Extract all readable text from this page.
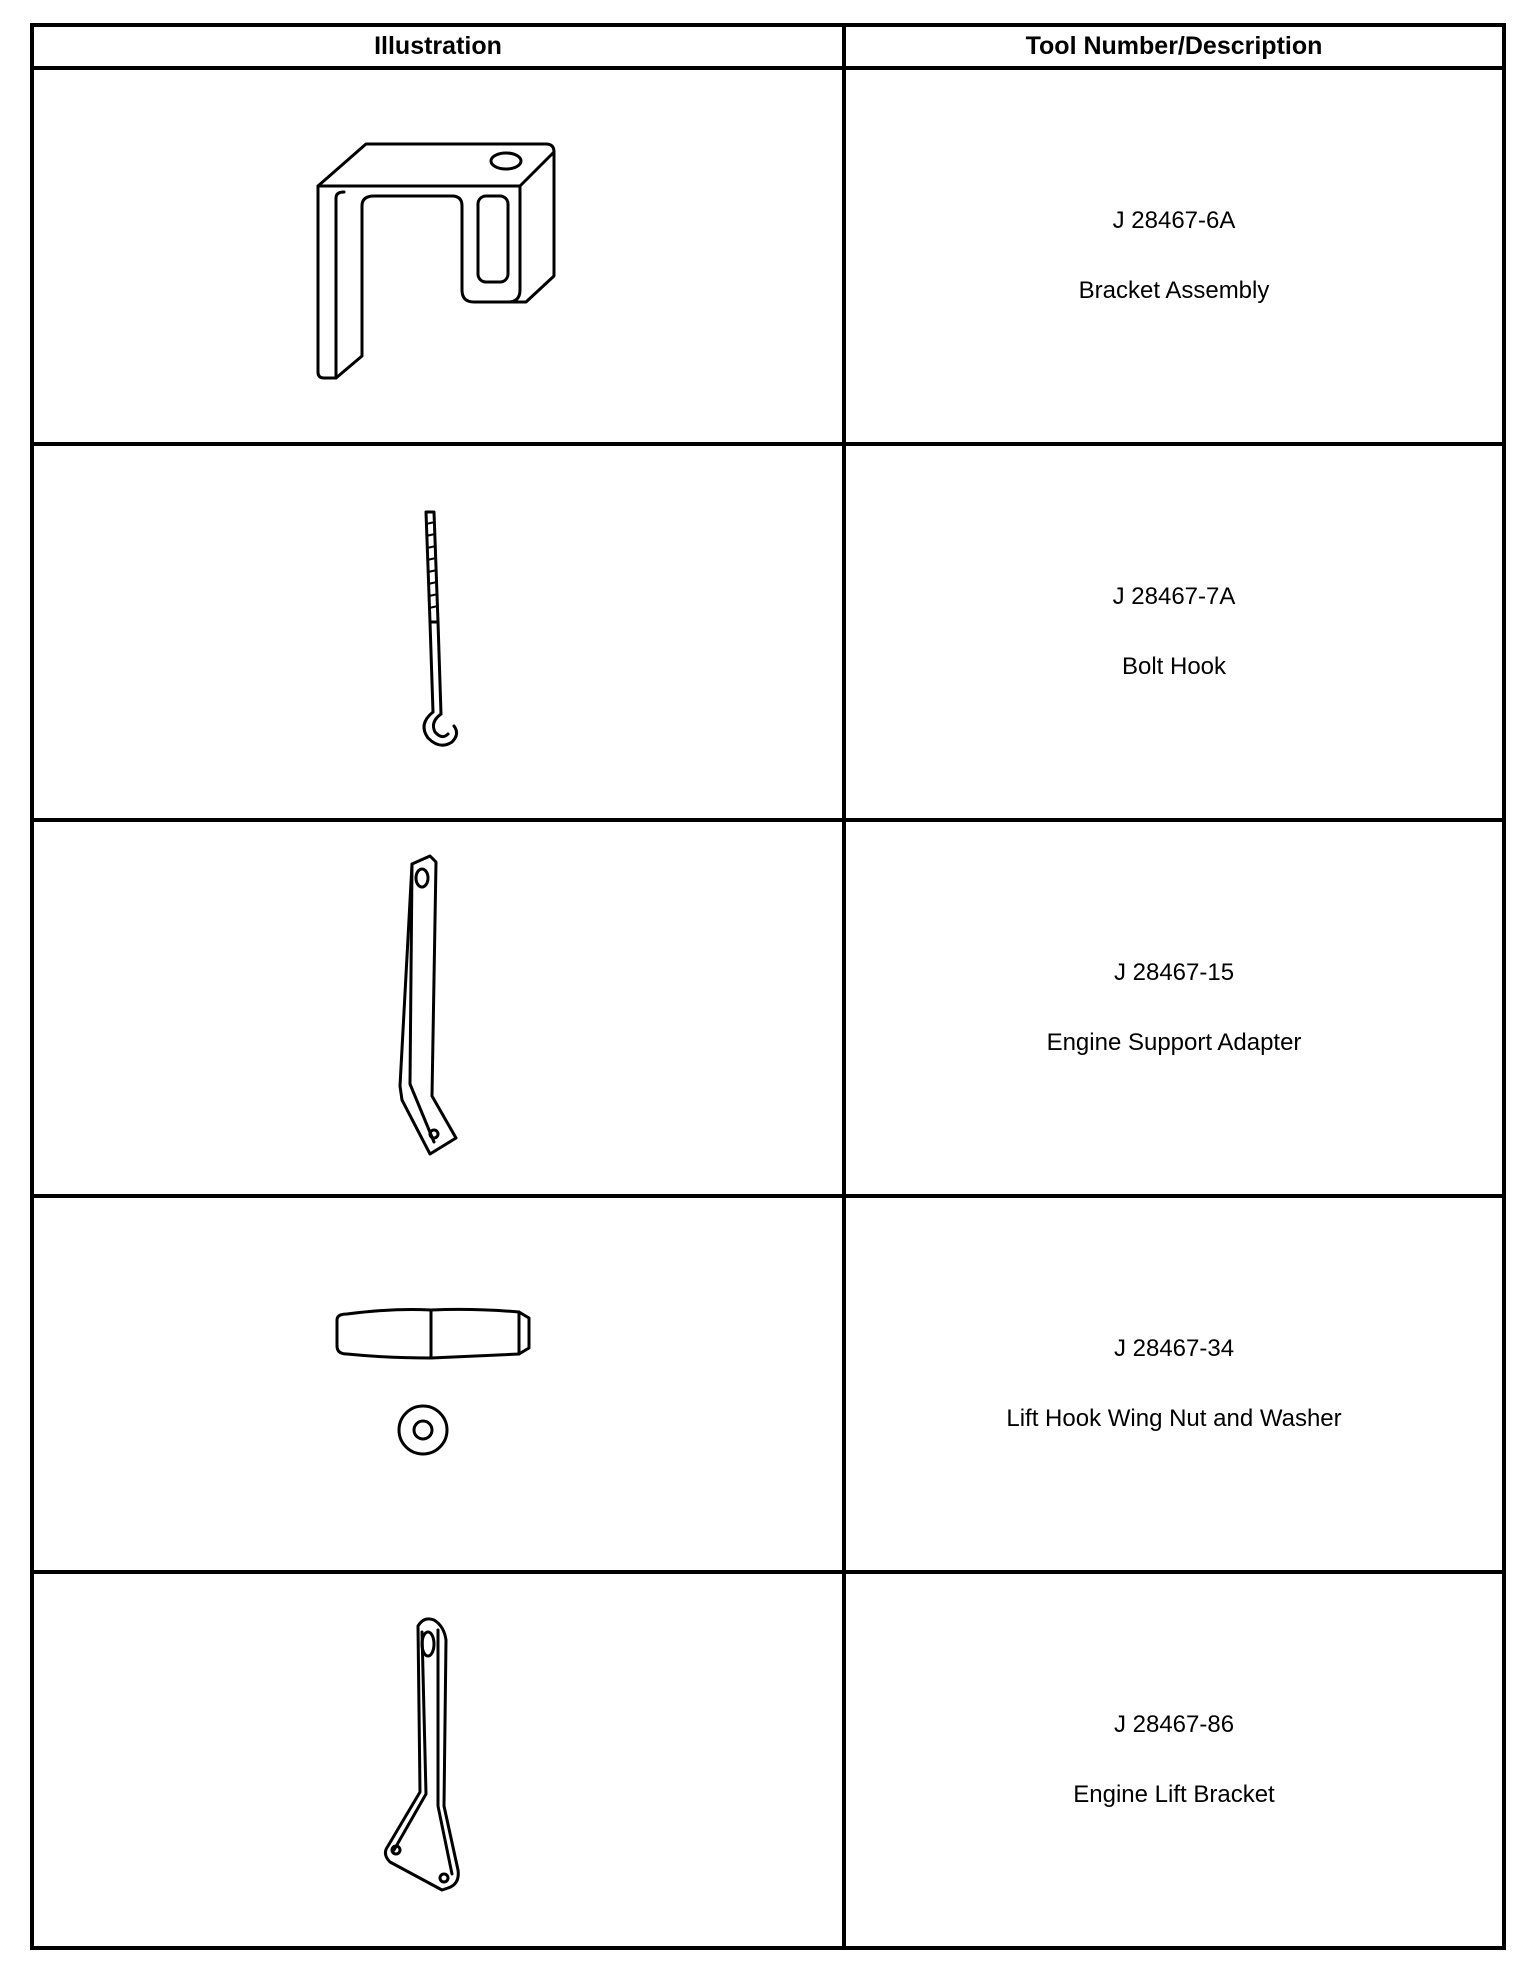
Illustration	Tool Number/Description

J 28467-6A
Bracket Assembly

J 28467-7A
Bolt Hook

J 28467-15
Engine Support Adapter

J 28467-34
Lift Hook Wing Nut and Washer

J 28467-86
Engine Lift Bracket
